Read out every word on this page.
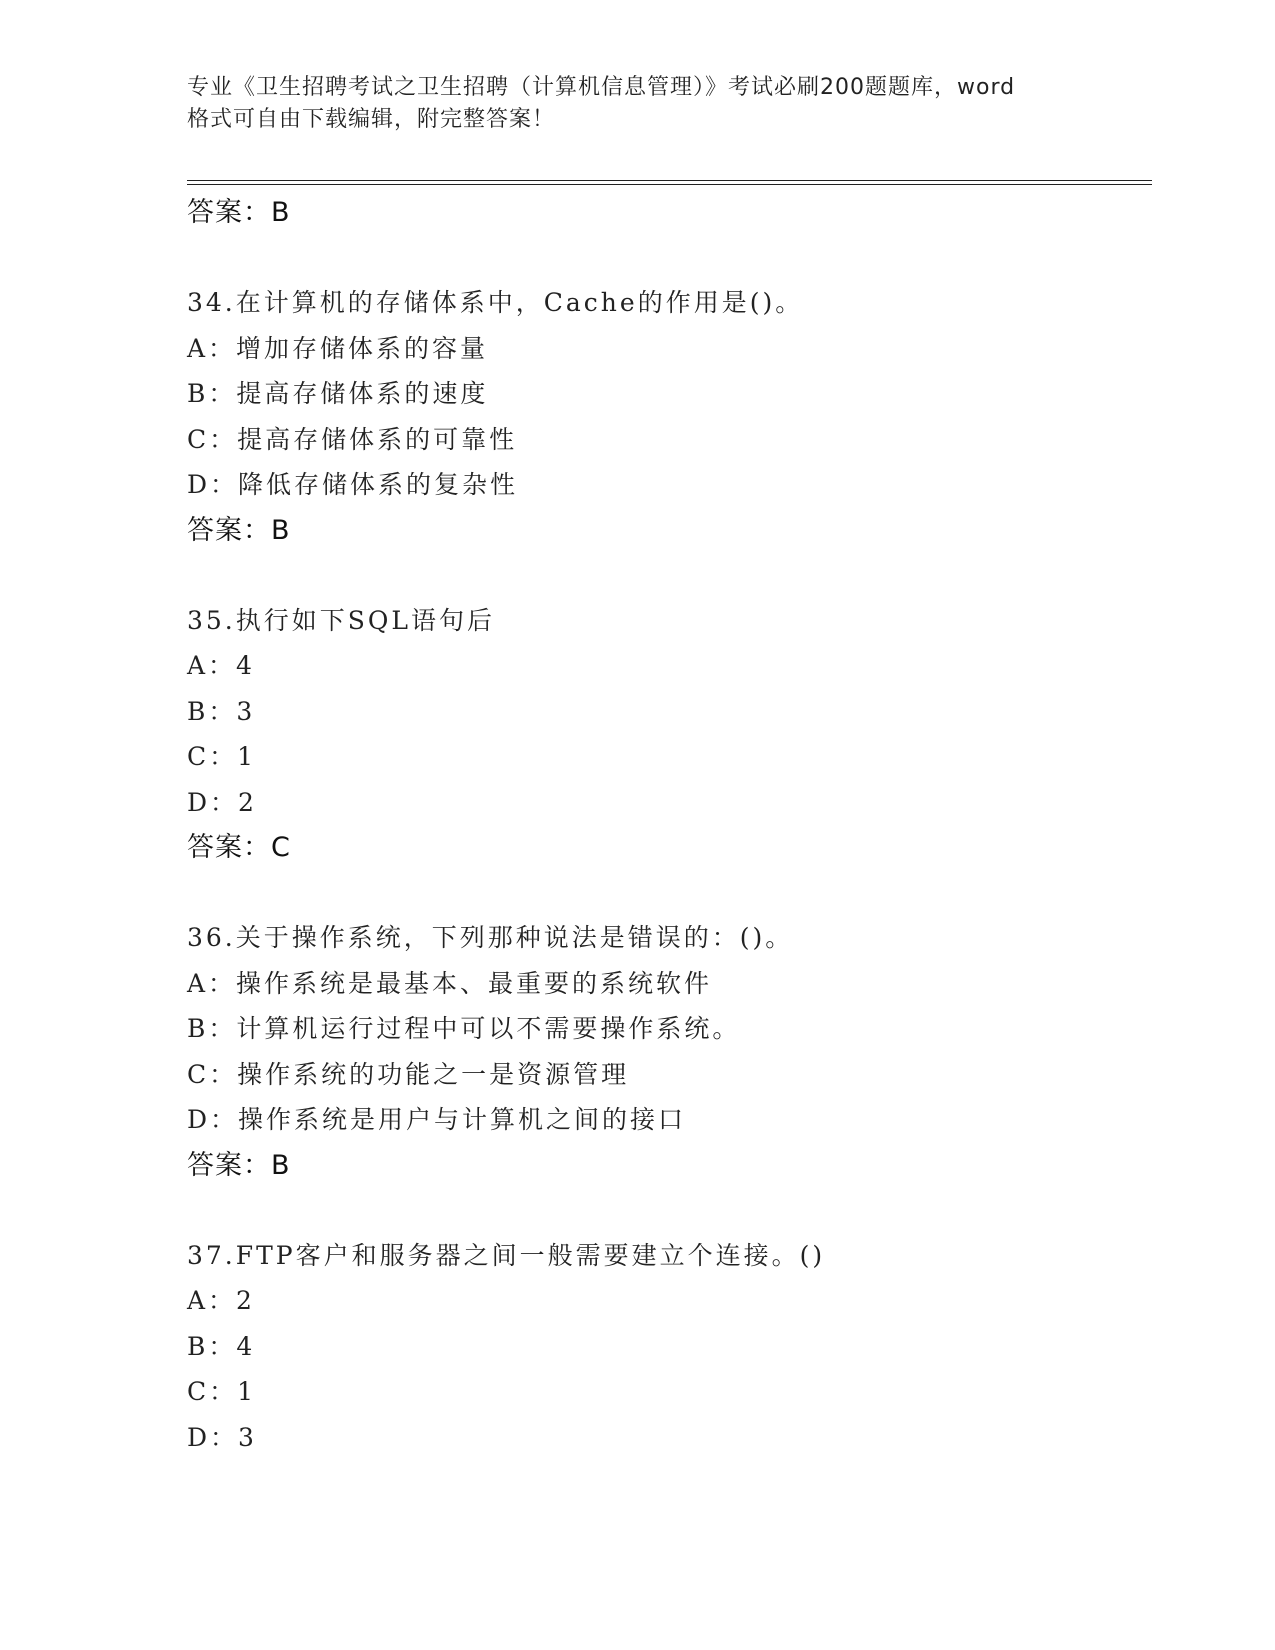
专业《卫生招聘考试之卫生招聘（计算机信息管理）》考试必刷200题题库，word
格式可自由下载编辑，附完整答案！
答案：B
34.在计算机的存储体系中，Cache的作用是()。
A：增加存储体系的容量
B：提高存储体系的速度
C：提高存储体系的可靠性
D：降低存储体系的复杂性
答案：B
35.执行如下SQL语句后
A：4
B：3
C：1
D：2
答案：C
36.关于操作系统，下列那种说法是错误的：()。
A：操作系统是最基本、最重要的系统软件
B：计算机运行过程中可以不需要操作系统。
C：操作系统的功能之一是资源管理
D：操作系统是用户与计算机之间的接口
答案：B
37.FTP客户和服务器之间一般需要建立个连接。()
A：2
B：4
C：1
D：3
